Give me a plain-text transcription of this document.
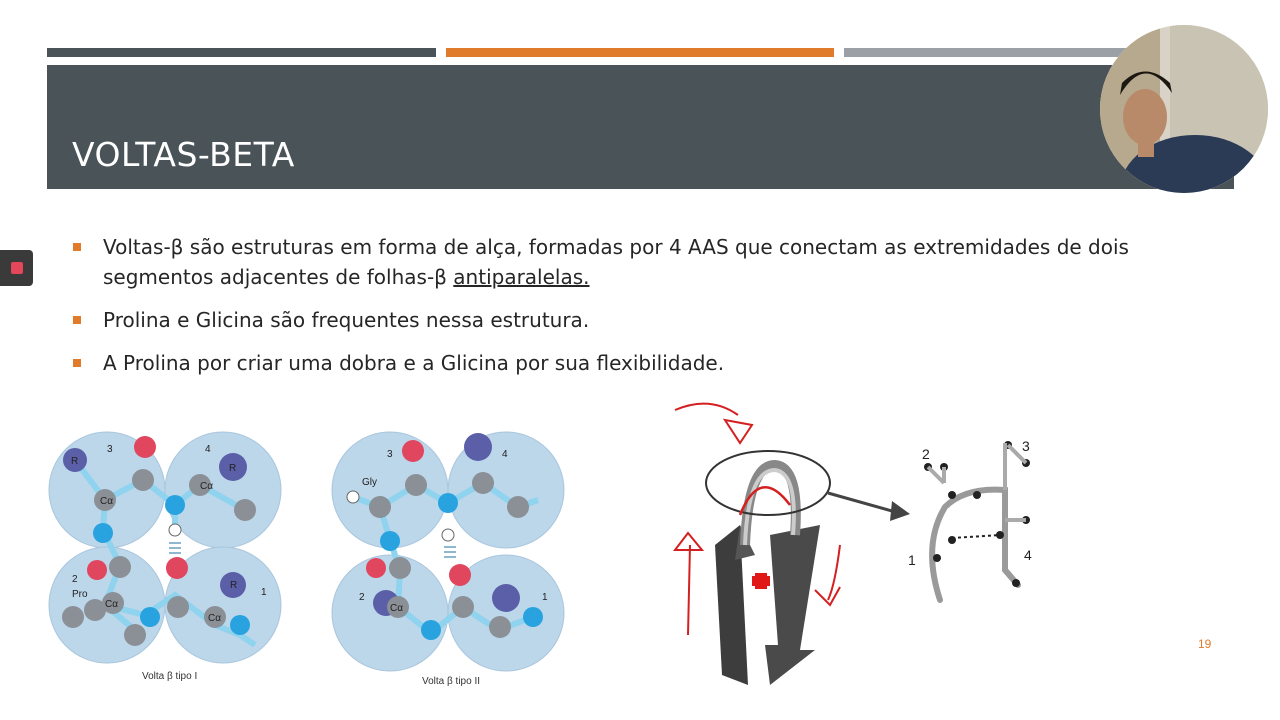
VOLTAS-BETA
Voltas-β são estruturas em forma de alça, formadas por 4 AAS que conectam as extremidades de dois segmentos adjacentes de folhas-β antiparalelas.
Prolina e Glicina são frequentes nessa estrutura.
A Prolina por criar uma dobra e a Glicina por sua flexibilidade.
3	4
2
1
R
R
R
Cα
Cα
Cα
Cα
Pro
Volta β tipo I
3	4
2	1
Gly
Cα
Volta β tipo II
2	3
1	4
19
